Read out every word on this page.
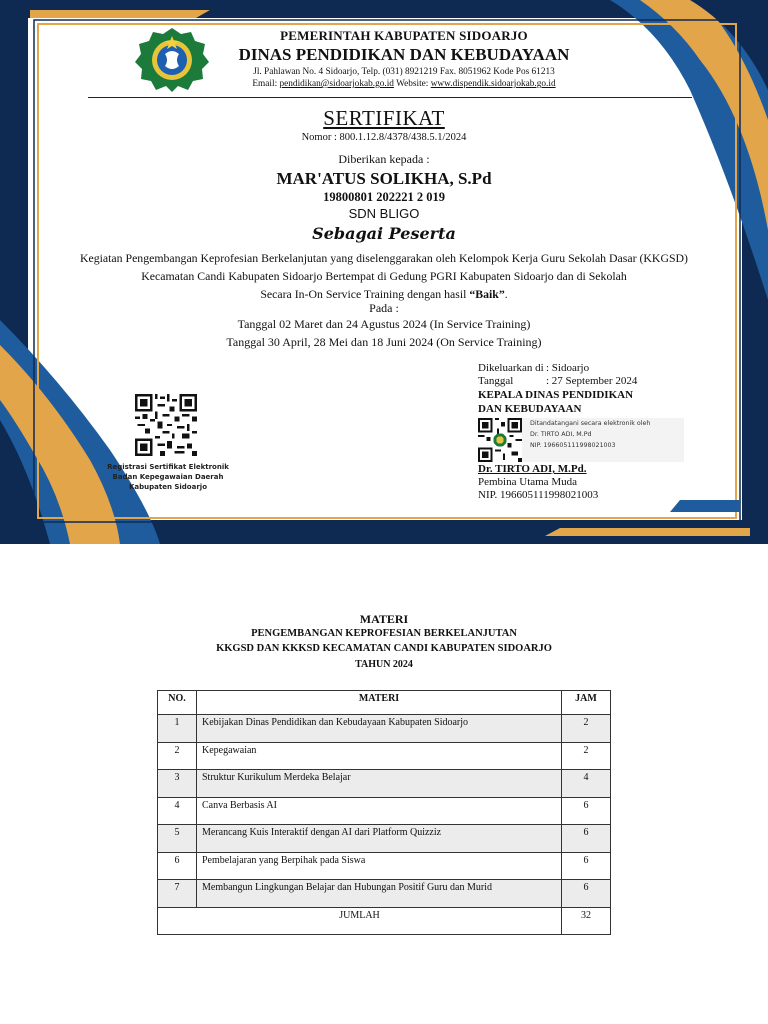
PEMERINTAH KABUPATEN SIDOARJO
DINAS PENDIDIKAN DAN KEBUDAYAAN
Jl. Pahlawan No. 4 Sidoarjo, Telp. (031) 8921219 Fax. 8051962 Kode Pos 61213
Email: pendidikan@sidoarjokab.go.id Website: www.dispendik.sidoarjokab.go.id
SERTIFIKAT
Nomor : 800.1.12.8/4378/438.5.1/2024
Diberikan kepada :
MAR'ATUS SOLIKHA, S.Pd
19800801 202221 2 019
SDN BLIGO
Sebagai Peserta
Kegiatan Pengembangan Keprofesian Berkelanjutan yang diselenggarakan oleh Kelompok Kerja Guru Sekolah Dasar (KKGSD)
Kecamatan Candi Kabupaten Sidoarjo Bertempat di Gedung PGRI Kabupaten Sidoarjo dan di Sekolah
Secara In-On Service Training dengan hasil “Baik”.
Pada :
Tanggal 02 Maret dan 24 Agustus 2024 (In Service Training)
Tanggal 30 April, 28 Mei dan 18 Juni 2024 (On Service Training)
Registrasi Sertifikat Elektronik
Badan Kepegawaian Daerah
Kabupaten Sidoarjo
Dikeluarkan di : Sidoarjo
Tanggal	: 27 September 2024
KEPALA DINAS PENDIDIKAN
DAN KEBUDAYAAN
Ditandatangani secara elektronik oleh
Dr. TIRTO ADI, M.Pd
NIP. 196605111998021003
Dr. TIRTO ADI, M.Pd.
Pembina Utama Muda
NIP. 196605111998021003
MATERI
PENGEMBANGAN KEPROFESIAN BERKELANJUTAN
KKGSD DAN KKKSD KECAMATAN CANDI KABUPATEN SIDOARJO
TAHUN 2024
NO.	MATERI	JAM
1	Kebijakan Dinas Pendidikan dan Kebudayaan Kabupaten Sidoarjo	2
2	Kepegawaian	2
3	Struktur Kurikulum Merdeka Belajar	4
4	Canva Berbasis AI	6
5	Merancang Kuis Interaktif dengan AI dari Platform Quizziz	6
6	Pembelajaran yang Berpihak pada Siswa	6
7	Membangun Lingkungan Belajar dan Hubungan Positif Guru dan Murid	6
JUMLAH		32
